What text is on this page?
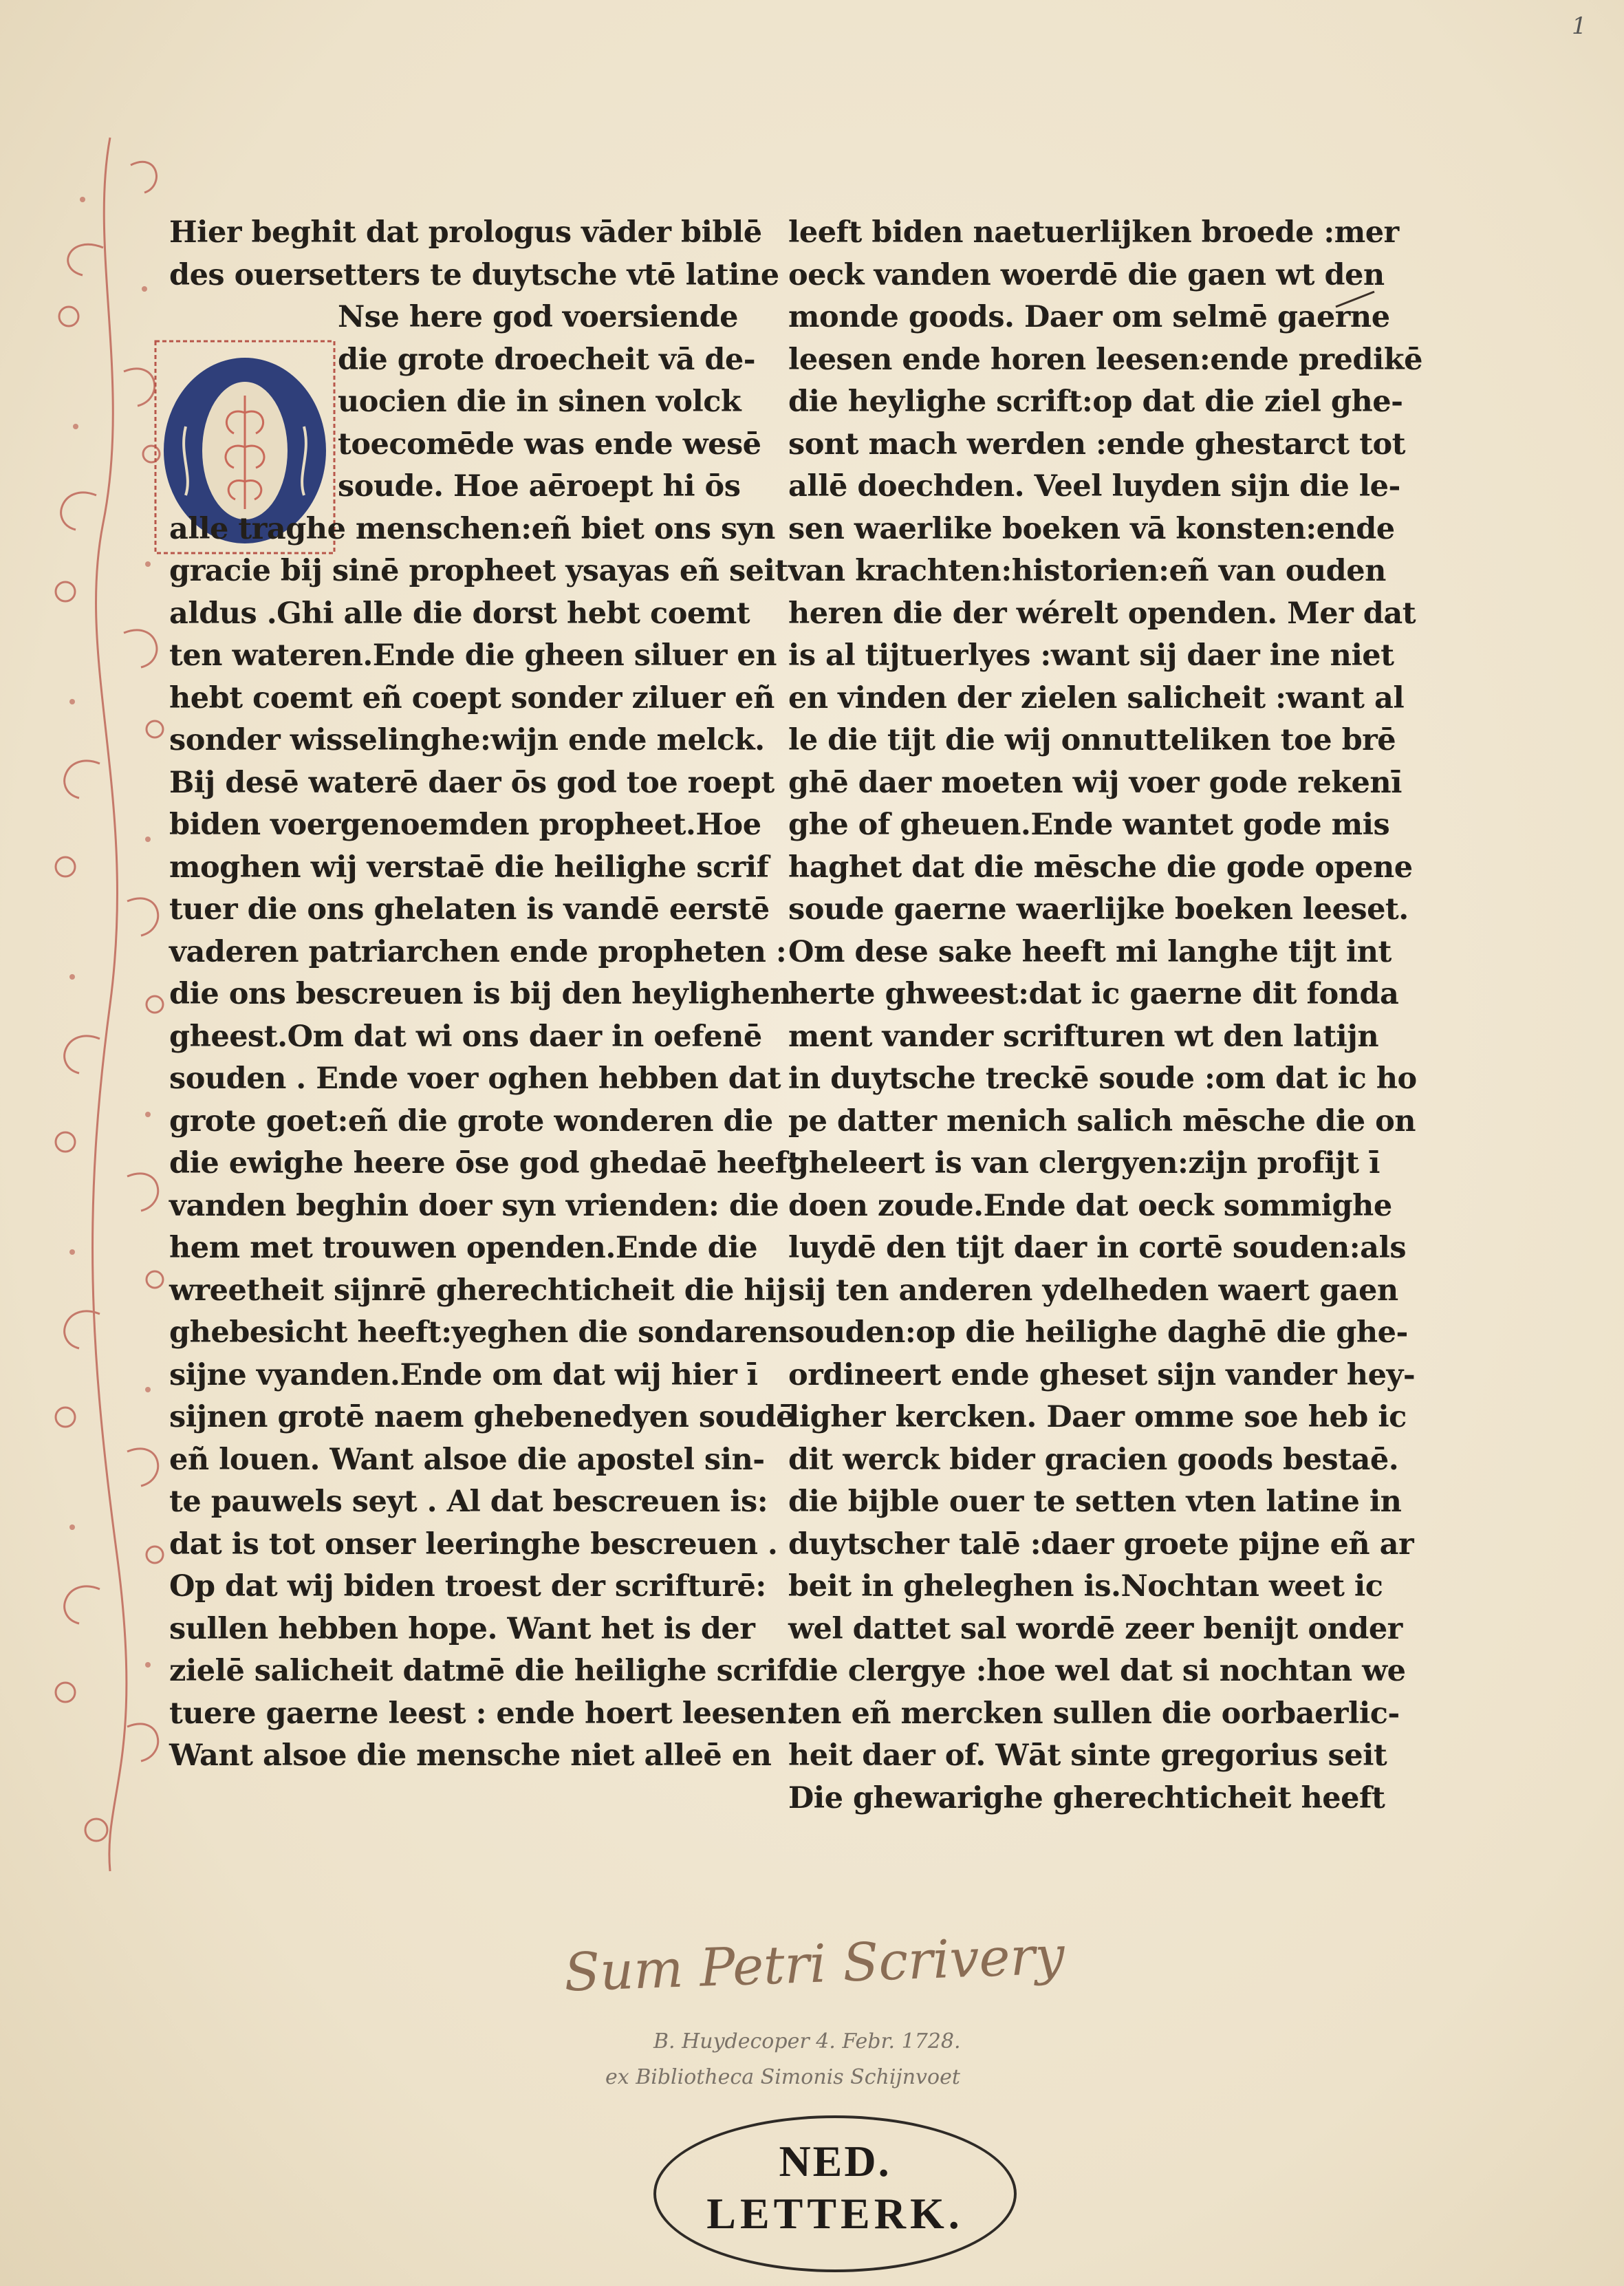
1
Hier beghit dat prologus vāder biblē
des ouersetters te duytsche vtē latine
Nse here god voersiende
die grote droecheit vā de-
uocien die in sinen volck
toecomēde was ende wesē
soude. Hoe aēroept hi ōs
alle traghe menschen:eñ biet ons syn
gracie bij sinē propheet ysayas eñ seit
aldus .Ghi alle die dorst hebt coemt
ten wateren.Ende die gheen siluer en
hebt coemt eñ coept sonder ziluer eñ
sonder wisselinghe:wijn ende melck.
Bij desē waterē daer ōs god toe roept
biden voergenoemden propheet.Hoe
moghen wij verstaē die heilighe scrif
tuer die ons ghelaten is vandē eerstē
vaderen patriarchen ende propheten :
die ons bescreuen is bij den heylighen
gheest.Om dat wi ons daer in oefenē
souden . Ende voer oghen hebben dat
grote goet:eñ die grote wonderen die
die ewighe heere ōse god ghedaē heeft
vanden beghin doer syn vrienden: die
hem met trouwen openden.Ende die
wreetheit sijnrē gherechticheit die hij
ghebesicht heeft:yeghen die sondaren
sijne vyanden.Ende om dat wij hier ī
sijnen grotē naem ghebenedyen soudē
eñ louen. Want alsoe die apostel sin-
te pauwels seyt . Al dat bescreuen is:
dat is tot onser leeringhe bescreuen .
Op dat wij biden troest der scrifturē:
sullen hebben hope. Want het is der
zielē salicheit datmē die heilighe scrif
tuere gaerne leest : ende hoert leesen.
Want alsoe die mensche niet alleē en
leeft biden naetuerlijken broede :mer
oeck vanden woerdē die gaen wt den
monde goods. Daer om selmē gaerne
leesen ende horen leesen:ende predikē
die heylighe scrift:op dat die ziel ghe-
sont mach werden :ende ghestarct tot
allē doechden. Veel luyden sijn die le-
sen waerlike boeken vā konsten:ende
van krachten:historien:eñ van ouden
heren die der wérelt openden. Mer dat
is al tijtuerlyes :want sij daer ine niet
en vinden der zielen salicheit :want al
le die tijt die wij onnutteliken toe brē
ghē daer moeten wij voer gode rekenī
ghe of gheuen.Ende wantet gode mis
haghet dat die mēsche die gode opene
soude gaerne waerlijke boeken leeset.
Om dese sake heeft mi langhe tijt int
herte ghweest:dat ic gaerne dit fonda
ment vander scrifturen wt den latijn
in duytsche treckē soude :om dat ic ho
pe datter menich salich mēsche die on
gheleert is van clergyen:zijn profijt ī
doen zoude.Ende dat oeck sommighe
luydē den tijt daer in cortē souden:als
sij ten anderen ydelheden waert gaen
souden:op die heilighe daghē die ghe-
ordineert ende gheset sijn vander hey-
ligher kercken. Daer omme soe heb ic
dit werck bider gracien goods bestaē.
die bijble ouer te setten vten latine in
duytscher talē :daer groete pijne eñ ar
beit in gheleghen is.Nochtan weet ic
wel dattet sal wordē zeer benijt onder
die clergye :hoe wel dat si nochtan we
ten eñ mercken sullen die oorbaerlic-
heit daer of. Wāt sinte gregorius seit
Die ghewarighe gherechticheit heeft
Sum Petri Scrivery
B. Huydecoper 4. Febr. 1728.
ex Bibliotheca Simonis Schijnvoet
NED.
LETTERK.
